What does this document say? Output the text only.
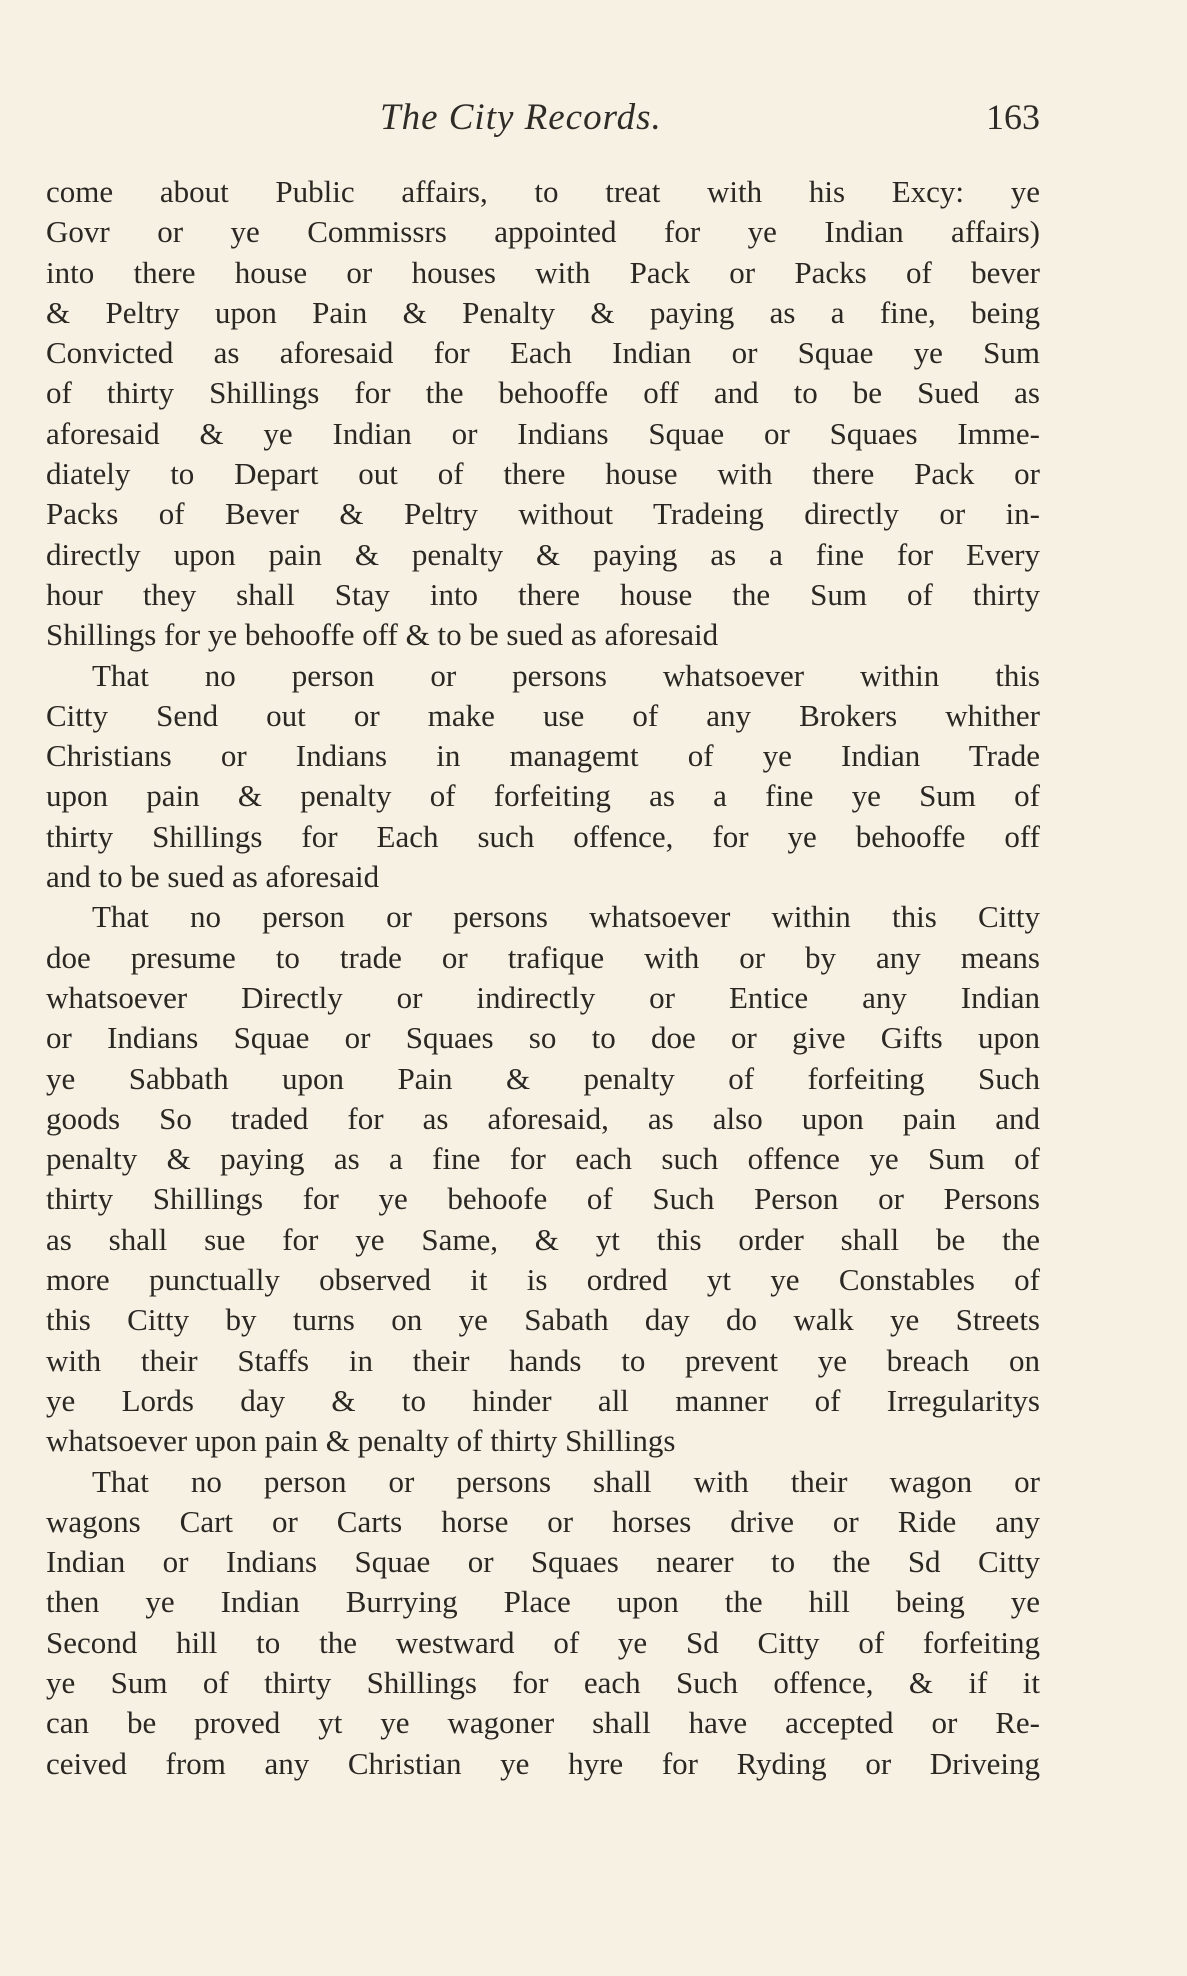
The City Records.	163
come about Public affairs, to treat with his Excy: ye
Govr or ye Commissrs appointed for ye Indian affairs)
into there house or houses with Pack or Packs of bever
& Peltry upon Pain & Penalty & paying as a fine, being
Convicted as aforesaid for Each Indian or Squae ye Sum
of thirty Shillings for the behooffe off and to be Sued as
aforesaid & ye Indian or Indians Squae or Squaes Imme-
diately to Depart out of there house with there Pack or
Packs of Bever & Peltry without Tradeing directly or in-
directly upon pain & penalty & paying as a fine for Every
hour they shall Stay into there house the Sum of thirty
Shillings for ye behooffe off & to be sued as aforesaid
That no person or persons whatsoever within this
Citty Send out or make use of any Brokers whither
Christians or Indians in managemt of ye Indian Trade
upon pain & penalty of forfeiting as a fine ye Sum of
thirty Shillings for Each such offence, for ye behooffe off
and to be sued as aforesaid
That no person or persons whatsoever within this Citty
doe presume to trade or trafique with or by any means
whatsoever Directly or indirectly or Entice any Indian
or Indians Squae or Squaes so to doe or give Gifts upon
ye Sabbath upon Pain & penalty of forfeiting Such
goods So traded for as aforesaid, as also upon pain and
penalty & paying as a fine for each such offence ye Sum of
thirty Shillings for ye behoofe of Such Person or Persons
as shall sue for ye Same, & yt this order shall be the
more punctually observed it is ordred yt ye Constables of
this Citty by turns on ye Sabath day do walk ye Streets
with their Staffs in their hands to prevent ye breach on
ye Lords day & to hinder all manner of Irregularitys
whatsoever upon pain & penalty of thirty Shillings
That no person or persons shall with their wagon or
wagons Cart or Carts horse or horses drive or Ride any
Indian or Indians Squae or Squaes nearer to the Sd Citty
then ye Indian Burrying Place upon the hill being ye
Second hill to the westward of ye Sd Citty of forfeiting
ye Sum of thirty Shillings for each Such offence, & if it
can be proved yt ye wagoner shall have accepted or Re-
ceived from any Christian ye hyre for Ryding or Driveing
